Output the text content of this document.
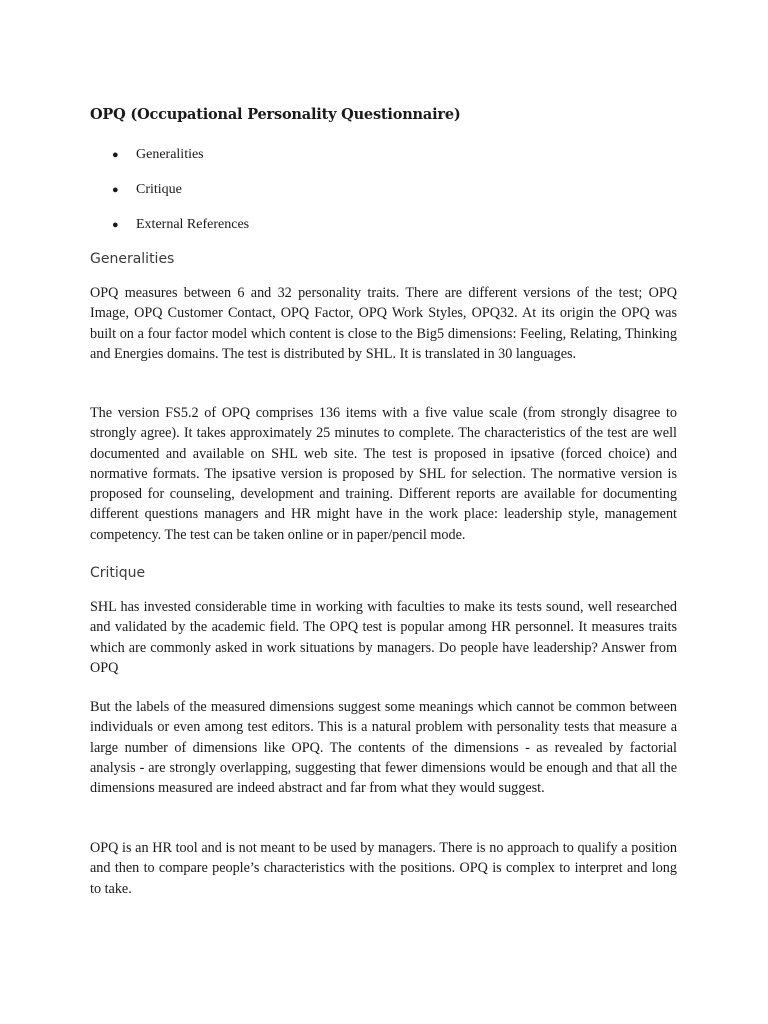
OPQ (Occupational Personality Questionnaire)
● Generalities
● Critique
● External References
Generalities

OPQ measures between 6 and 32 personality traits. There are different versions of the test; OPQ Image, OPQ Customer Contact, OPQ Factor, OPQ Work Styles, OPQ32. At its origin the OPQ was built on a four factor model which content is close to the Big5 dimensions: Feeling, Relating, Thinking and Energies domains. The test is distributed by SHL. It is translated in 30 languages.

The version FS5.2 of OPQ comprises 136 items with a five value scale (from strongly disagree to strongly agree). It takes approximately 25 minutes to complete. The characteristics of the test are well documented and available on SHL web site. The test is proposed in ipsative (forced choice) and normative formats. The ipsative version is proposed by SHL for selection. The normative version is proposed for counseling, development and training. Different reports are available for documenting different questions managers and HR might have in the work place: leadership style, management competency. The test can be taken online or in paper/pencil mode.

Critique

SHL has invested considerable time in working with faculties to make its tests sound, well researched and validated by the academic field. The OPQ test is popular among HR personnel. It measures traits which are commonly asked in work situations by managers. Do people have leadership? Answer from OPQ

But the labels of the measured dimensions suggest some meanings which cannot be common between individuals or even among test editors. This is a natural problem with personality tests that measure a large number of dimensions like OPQ. The contents of the dimensions - as revealed by factorial analysis - are strongly overlapping, suggesting that fewer dimensions would be enough and that all the dimensions measured are indeed abstract and far from what they would suggest.

OPQ is an HR tool and is not meant to be used by managers. There is no approach to qualify a position and then to compare people’s characteristics with the positions. OPQ is complex to interpret and long to take.
